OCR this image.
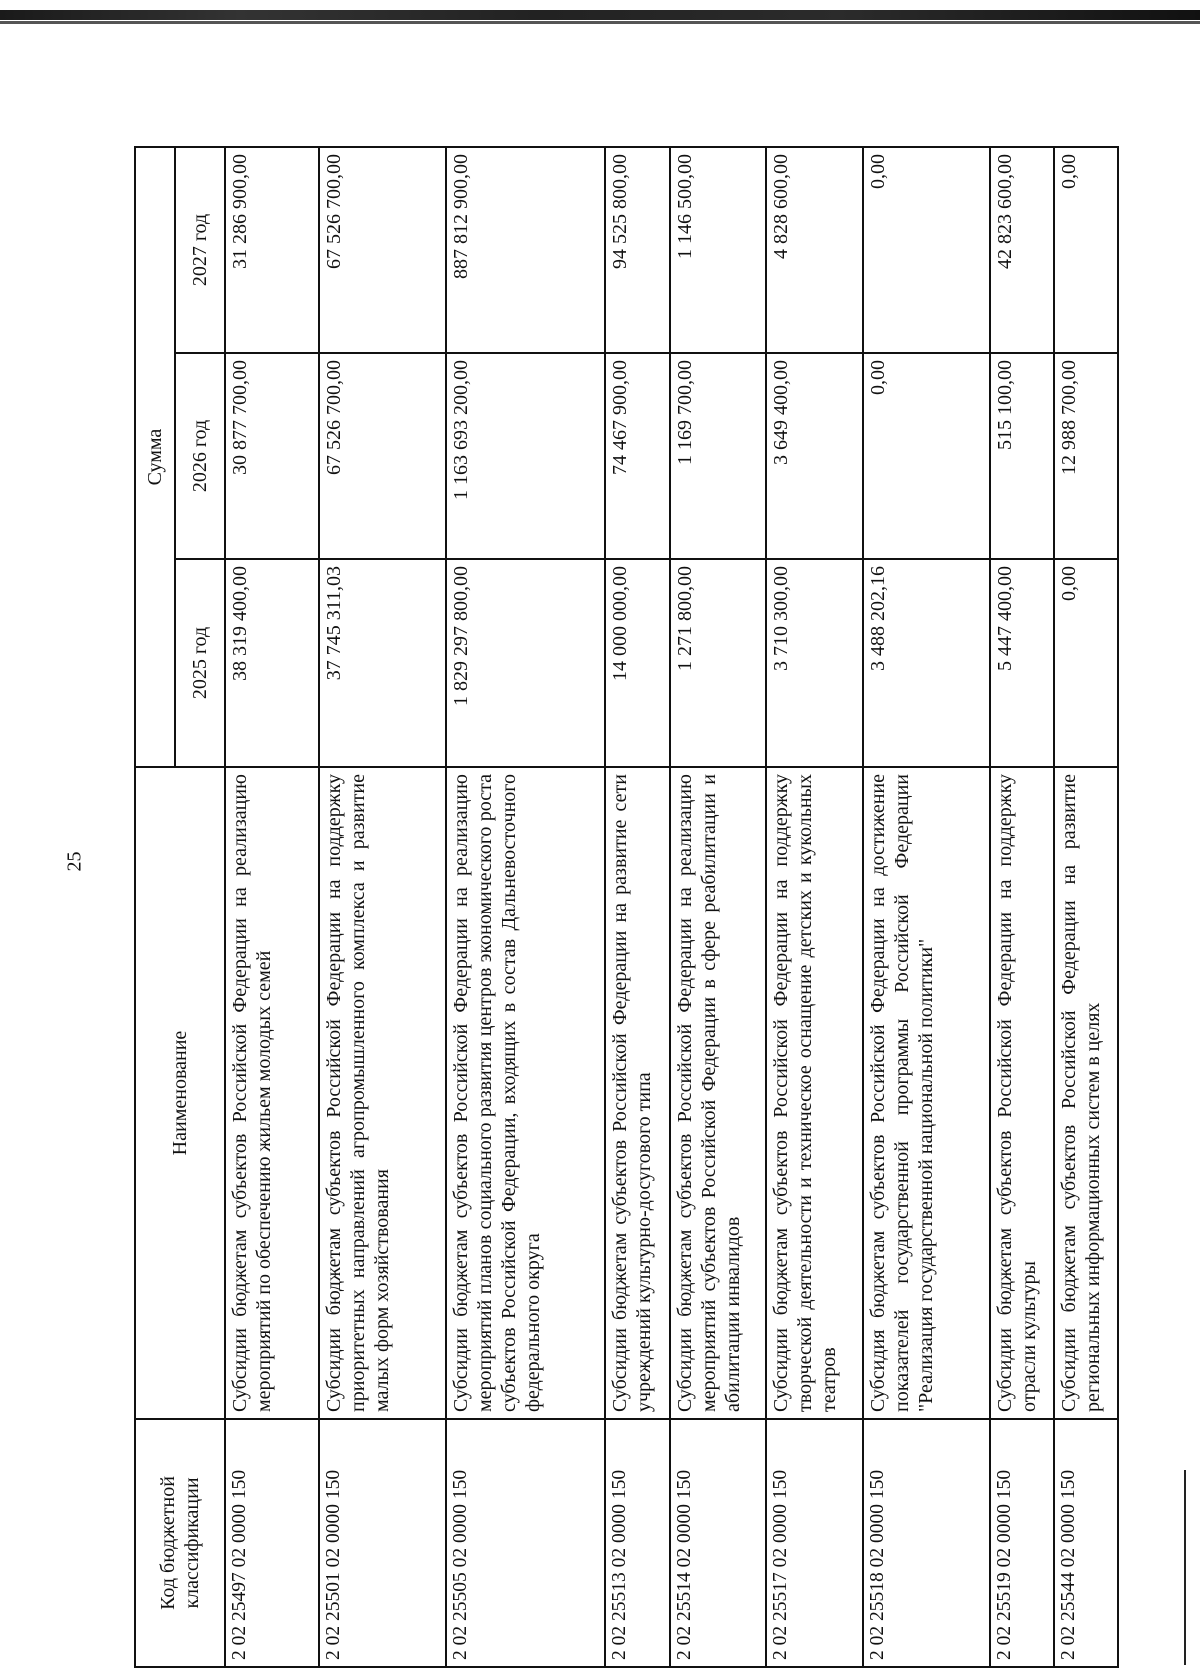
25
Код бюджетной классификации	Наименование	Сумма		
		2025 год	2026 год	2027 год
2 02 25497 02 0000 150	Субсидии бюджетам субъектов Российской Федерации на реализацию мероприятий по обеспечению жильем молодых семей	38 319 400,00	30 877 700,00	31 286 900,00
2 02 25501 02 0000 150	Субсидии бюджетам субъектов Российской Федерации на поддержку приоритетных направлений агропромышленного комплекса и развитие малых форм хозяйствования	37 745 311,03	67 526 700,00	67 526 700,00
2 02 25505 02 0000 150	Субсидии бюджетам субъектов Российской Федерации на реализацию мероприятий планов социального развития центров экономического роста субъектов Российской Федерации, входящих в состав Дальневосточного федерального округа	1 829 297 800,00	1 163 693 200,00	887 812 900,00
2 02 25513 02 0000 150	Субсидии бюджетам субъектов Российской Федерации на развитие сети учреждений культурно-досугового типа	14 000 000,00	74 467 900,00	94 525 800,00
2 02 25514 02 0000 150	Субсидии бюджетам субъектов Российской Федерации на реализацию мероприятий субъектов Российской Федерации в сфере реабилитации и абилитации инвалидов	1 271 800,00	1 169 700,00	1 146 500,00
2 02 25517 02 0000 150	Субсидии бюджетам субъектов Российской Федерации на поддержку творческой деятельности и техническое оснащение детских и кукольных театров	3 710 300,00	3 649 400,00	4 828 600,00
2 02 25518 02 0000 150	Субсидия бюджетам субъектов Российской Федерации на достижение показателей государственной программы Российской Федерации "Реализация государственной национальной политики"	3 488 202,16	0,00	0,00
2 02 25519 02 0000 150	Субсидии бюджетам субъектов Российской Федерации на поддержку отрасли культуры	5 447 400,00	515 100,00	42 823 600,00
2 02 25544 02 0000 150	Субсидии бюджетам субъектов Российской Федерации на развитие региональных информационных систем в целях	0,00	12 988 700,00	0,00
